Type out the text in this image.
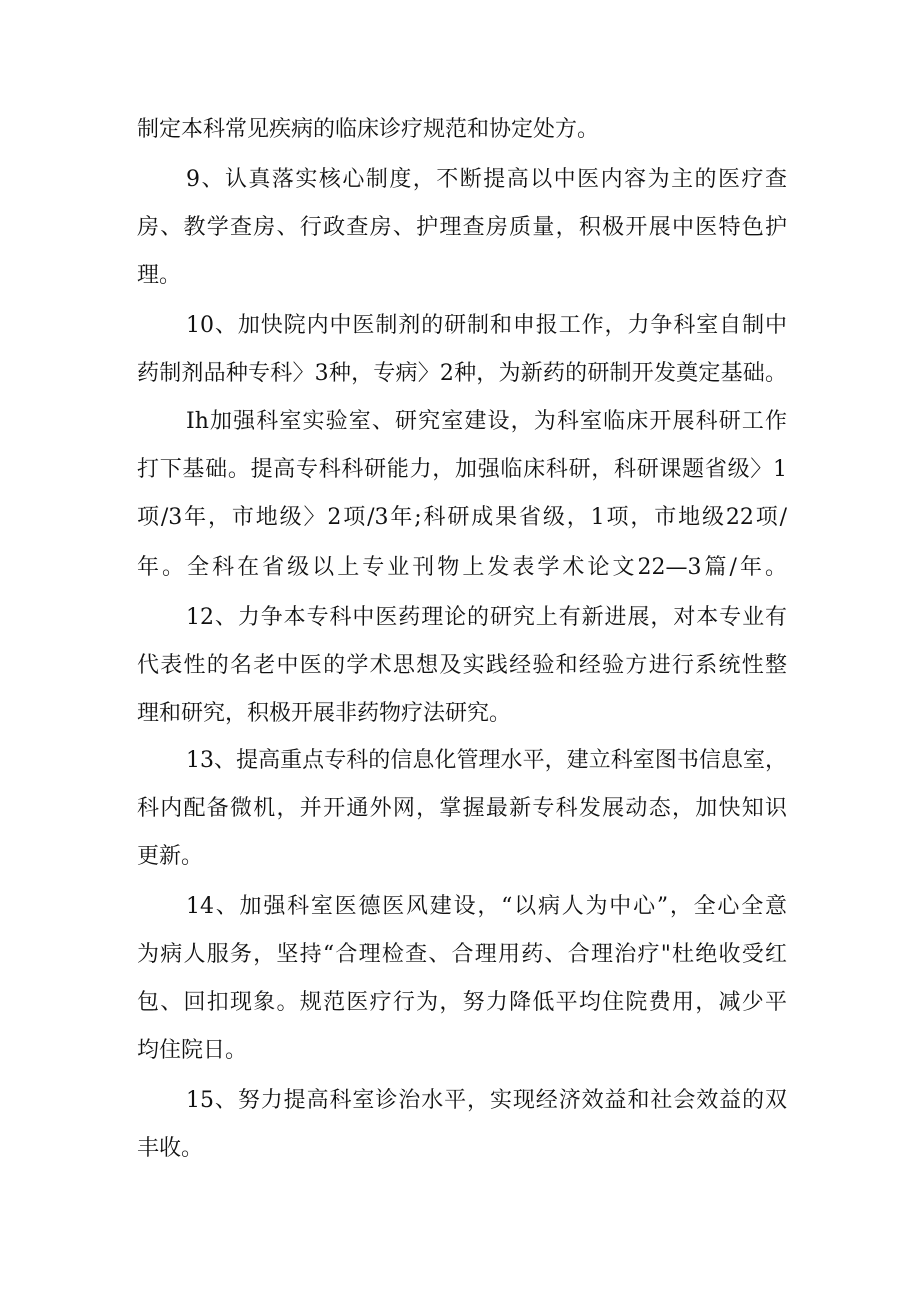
制定本科常见疾病的临床诊疗规范和协定处方。
9、认真落实核心制度，不断提高以中医内容为主的医疗查
房、教学查房、行政查房、护理查房质量，积极开展中医特色护
理。
10、加快院内中医制剂的研制和申报工作，力争科室自制中
药制剂品种专科〉3种，专病〉2种，为新药的研制开发奠定基础。
Ih加强科室实验室、研究室建设，为科室临床开展科研工作
打下基础。提高专科科研能力，加强临床科研，科研课题省级〉1
项/3年，市地级〉2项/3年;科研成果省级，1项，市地级22项/
年。全科在省级以上专业刊物上发表学术论文22—3篇/年。
12、力争本专科中医药理论的研究上有新进展，对本专业有
代表性的名老中医的学术思想及实践经验和经验方进行系统性整
理和研究，积极开展非药物疗法研究。
13、提高重点专科的信息化管理水平，建立科室图书信息室，
科内配备微机，并开通外网，掌握最新专科发展动态，加快知识
更新。
14、加强科室医德医风建设，“以病人为中心”，全心全意
为病人服务，坚持“合理检查、合理用药、合理治疗"杜绝收受红
包、回扣现象。规范医疗行为，努力降低平均住院费用，减少平
均住院日。
15、努力提高科室诊治水平，实现经济效益和社会效益的双
丰收。
